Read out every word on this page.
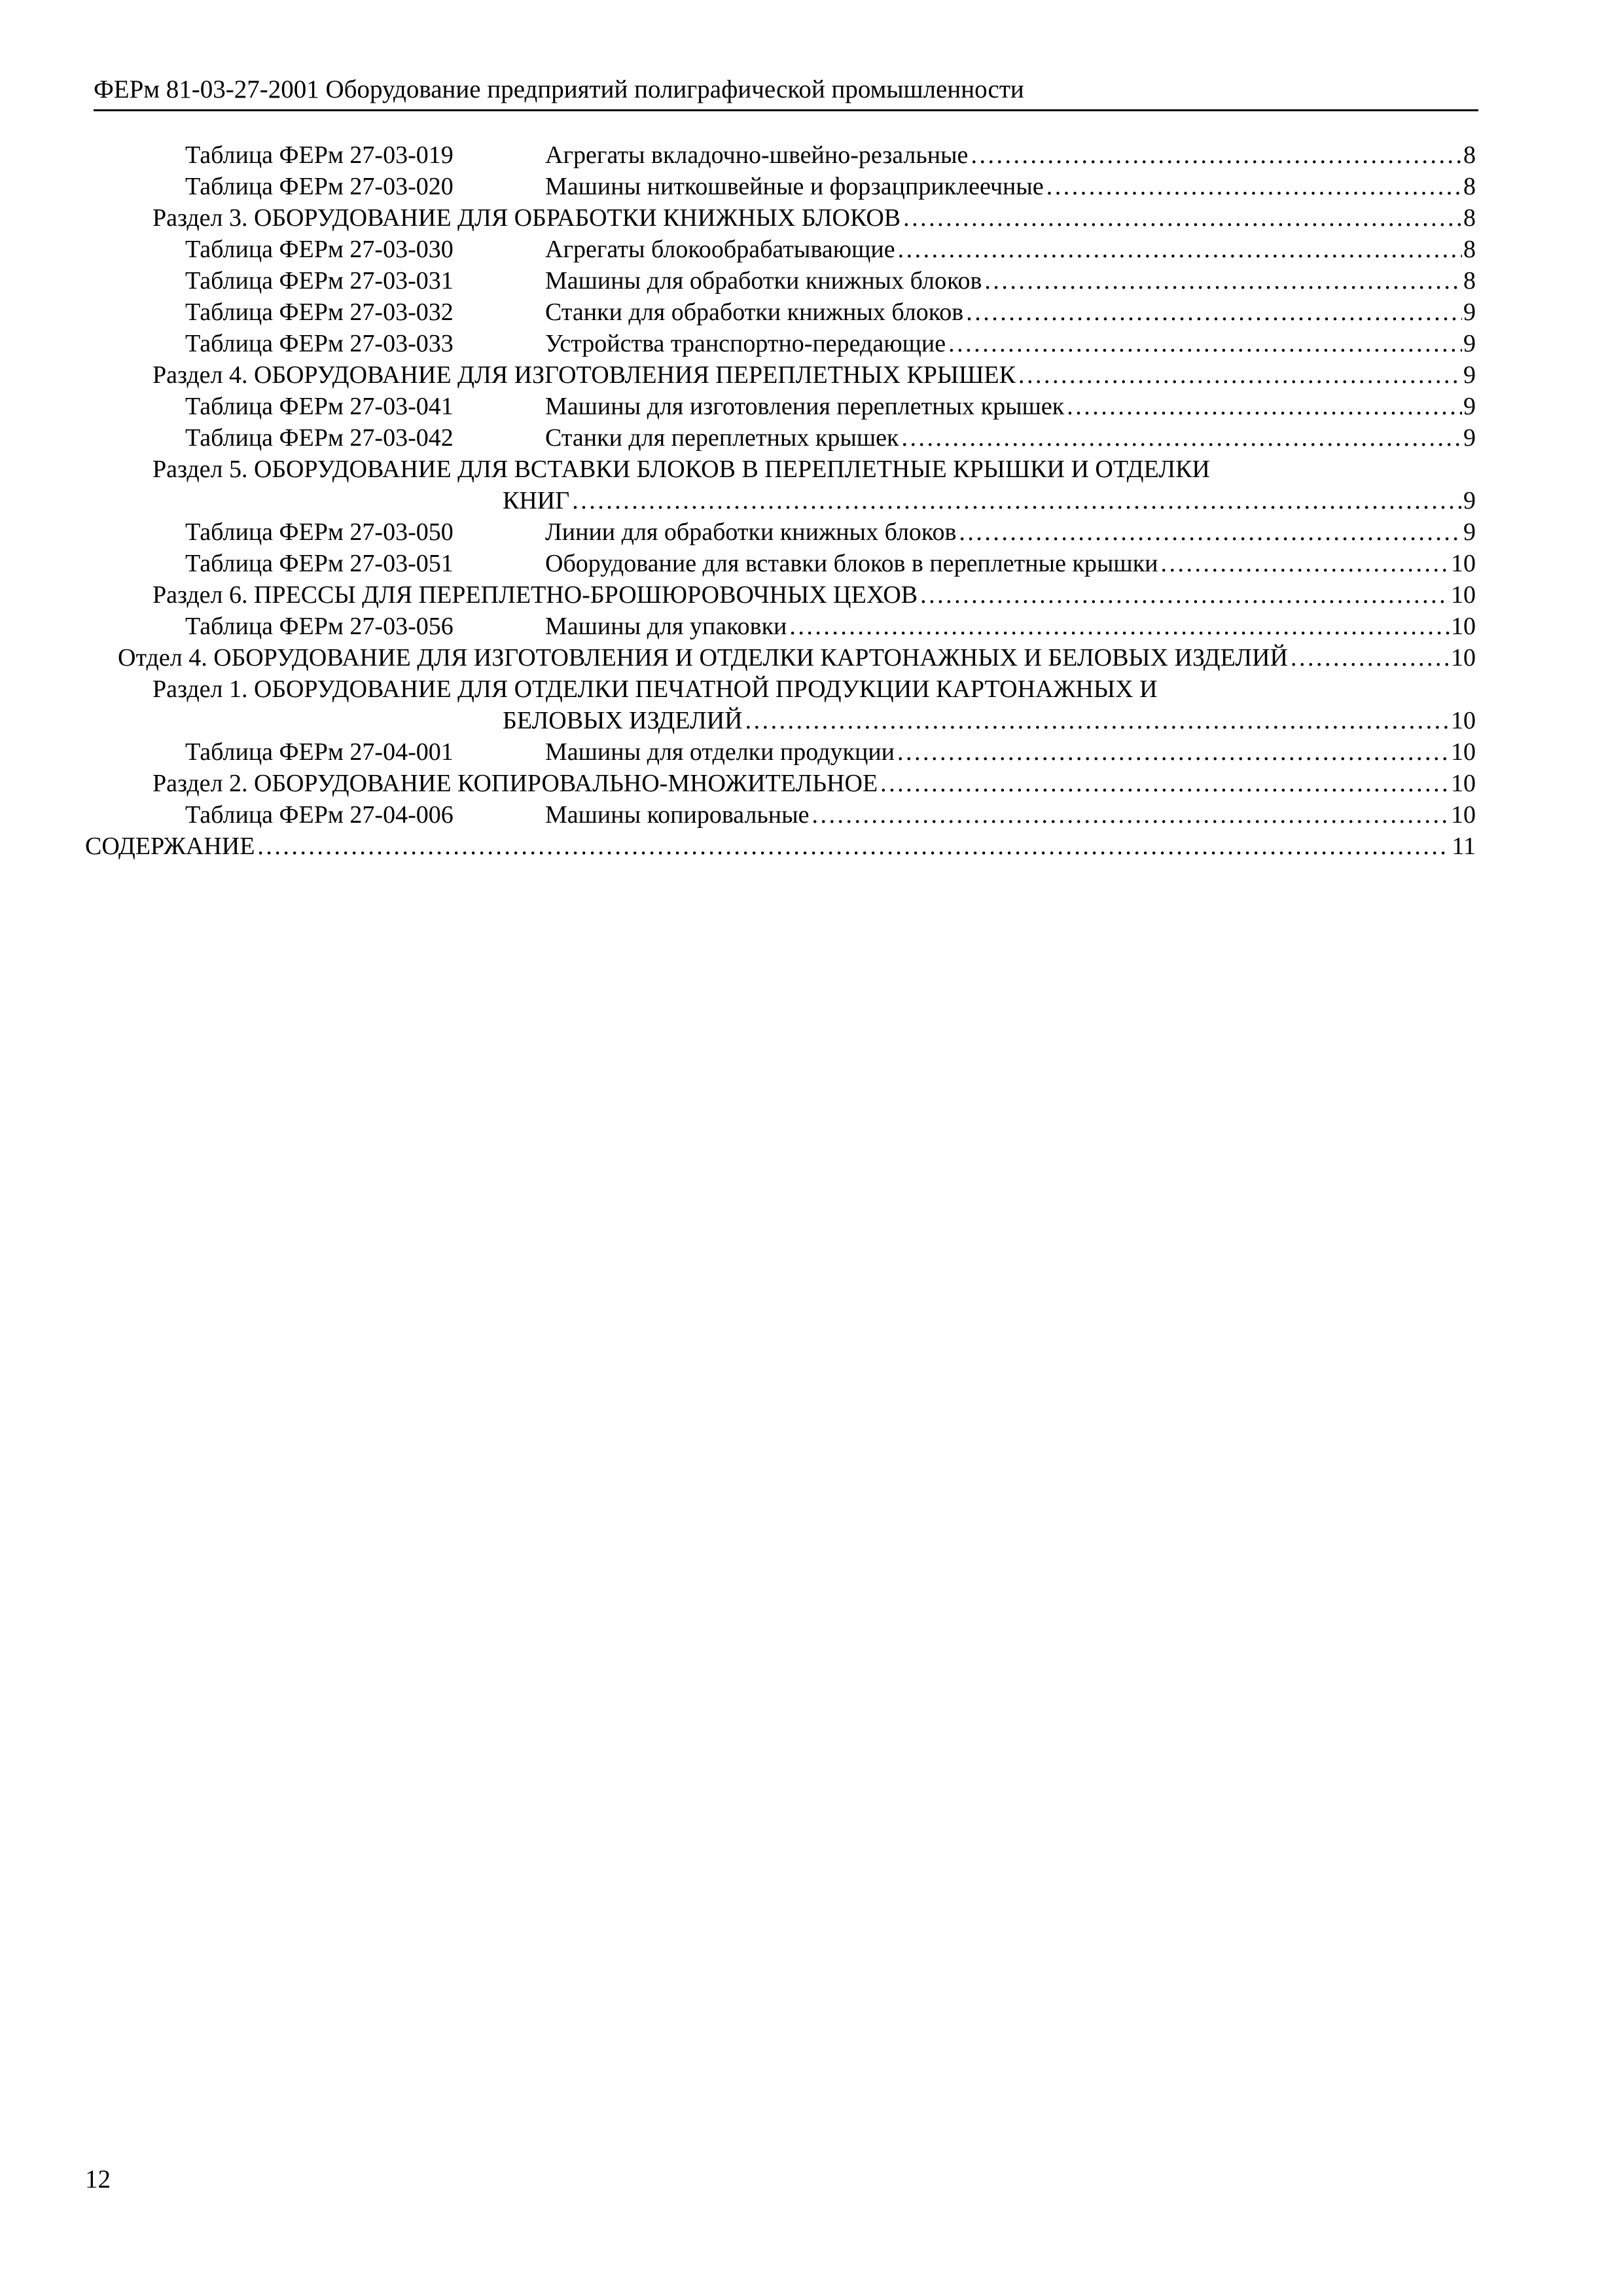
ФЕРм 81-03-27-2001 Оборудование предприятий полиграфической промышленности
Таблица ФЕРм 27-03-019	Агрегаты вкладочно-швейно-резальные . . .	8
Таблица ФЕРм 27-03-020	Машины ниткошвейные и форзацприклеечные . . .	8
Раздел 3. ОБОРУДОВАНИЕ ДЛЯ ОБРАБОТКИ КНИЖНЫХ БЛОКОВ . . .	8
Таблица ФЕРм 27-03-030	Агрегаты блокообрабатывающие . . .	8
Таблица ФЕРм 27-03-031	Машины для обработки книжных блоков . . .	8
Таблица ФЕРм 27-03-032	Станки для обработки книжных блоков . . .	9
Таблица ФЕРм 27-03-033	Устройства транспортно-передающие . . .	9
Раздел 4. ОБОРУДОВАНИЕ ДЛЯ ИЗГОТОВЛЕНИЯ ПЕРЕПЛЕТНЫХ КРЫШЕК . . .	9
Таблица ФЕРм 27-03-041	Машины для изготовления переплетных крышек . . .	9
Таблица ФЕРм 27-03-042	Станки для переплетных крышек . . .	9
Раздел 5. ОБОРУДОВАНИЕ ДЛЯ ВСТАВКИ БЛОКОВ В ПЕРЕПЛЕТНЫЕ КРЫШКИ И ОТДЕЛКИ
КНИГ . . .	9
Таблица ФЕРм 27-03-050	Линии для обработки книжных блоков . . .	9
Таблица ФЕРм 27-03-051	Оборудование для вставки блоков в переплетные крышки . . .	10
Раздел 6. ПРЕССЫ ДЛЯ ПЕРЕПЛЕТНО-БРОШЮРОВОЧНЫХ ЦЕХОВ . . .	10
Таблица ФЕРм 27-03-056	Машины для упаковки . . .	10
Отдел 4. ОБОРУДОВАНИЕ ДЛЯ ИЗГОТОВЛЕНИЯ И ОТДЕЛКИ КАРТОНАЖНЫХ И БЕЛОВЫХ ИЗДЕЛИЙ . . .	10
Раздел 1. ОБОРУДОВАНИЕ ДЛЯ ОТДЕЛКИ ПЕЧАТНОЙ ПРОДУКЦИИ КАРТОНАЖНЫХ И
БЕЛОВЫХ ИЗДЕЛИЙ . . .	10
Таблица ФЕРм 27-04-001	Машины для отделки продукции . . .	10
Раздел 2. ОБОРУДОВАНИЕ КОПИРОВАЛЬНО-МНОЖИТЕЛЬНОЕ . . .	10
Таблица ФЕРм 27-04-006	Машины копировальные . . .	10
СОДЕРЖАНИЕ . . .	11
12
